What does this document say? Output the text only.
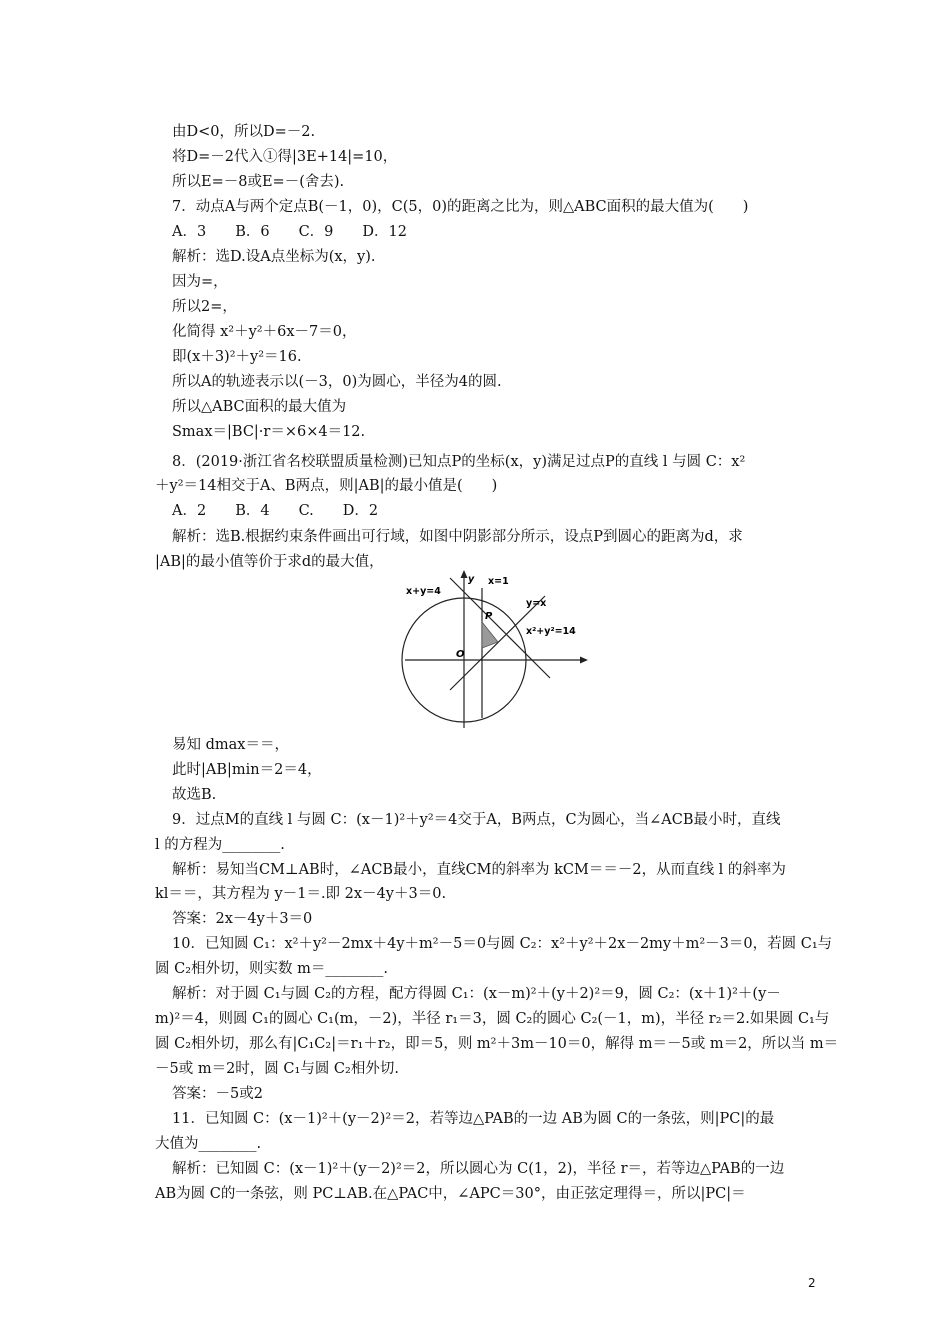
由D<0，所以D=－2.
将D=－2代入①得|3E+14|=10，
所以E=－8或E=－(舍去).
7．动点A与两个定点B(－1，0)，C(5，0)的距离之比为，则△ABC面积的最大值为(　　)
A．3　　B．6　　C．9　　D．12
解析：选D.设A点坐标为(x，y).
因为=，
所以2=，
化简得 x²＋y²＋6x－7＝0，
即(x＋3)²＋y²＝16.
所以A的轨迹表示以(－3，0)为圆心，半径为4的圆.
所以△ABC面积的最大值为
Smax＝|BC|·r＝×6×4＝12.
8．(2019·浙江省名校联盟质量检测)已知点P的坐标(x，y)满足过点P的直线 l 与圆 C：x²
＋y²＝14相交于A、B两点，则|AB|的最小值是(　　)
A．2　　B．4　　C.　　D．2
解析：选B.根据约束条件画出可行域，如图中阴影部分所示，设点P到圆心的距离为d，求
|AB|的最小值等价于求d的最大值，
x+y=4
x=1
y
y=x
x²+y²=14
P
O
易知 dmax＝＝，
此时|AB|min＝2＝4，
故选B.
9．过点M的直线 l 与圆 C：(x－1)²＋y²＝4交于A，B两点，C为圆心，当∠ACB最小时，直线
l 的方程为________.
解析：易知当CM⊥AB时，∠ACB最小，直线CM的斜率为 kCM＝＝－2，从而直线 l 的斜率为
kl＝＝，其方程为 y－1＝.即 2x－4y＋3＝0.
答案：2x－4y＋3＝0
10．已知圆 C₁：x²＋y²－2mx＋4y＋m²－5＝0与圆 C₂：x²＋y²＋2x－2my＋m²－3＝0，若圆 C₁与
圆 C₂相外切，则实数 m＝________.
解析：对于圆 C₁与圆 C₂的方程，配方得圆 C₁：(x－m)²＋(y＋2)²＝9，圆 C₂：(x＋1)²＋(y－
m)²＝4，则圆 C₁的圆心 C₁(m，－2)，半径 r₁＝3，圆 C₂的圆心 C₂(－1，m)，半径 r₂＝2.如果圆 C₁与
圆 C₂相外切，那么有|C₁C₂|＝r₁＋r₂，即＝5，则 m²＋3m－10＝0，解得 m＝－5或 m＝2，所以当 m＝
－5或 m＝2时，圆 C₁与圆 C₂相外切.
答案：－5或2
11．已知圆 C：(x－1)²＋(y－2)²＝2，若等边△PAB的一边 AB为圆 C的一条弦，则|PC|的最
大值为________.
解析：已知圆 C：(x－1)²＋(y－2)²＝2，所以圆心为 C(1，2)，半径 r＝，若等边△PAB的一边
AB为圆 C的一条弦，则 PC⊥AB.在△PAC中，∠APC＝30°，由正弦定理得＝，所以|PC|＝
2
